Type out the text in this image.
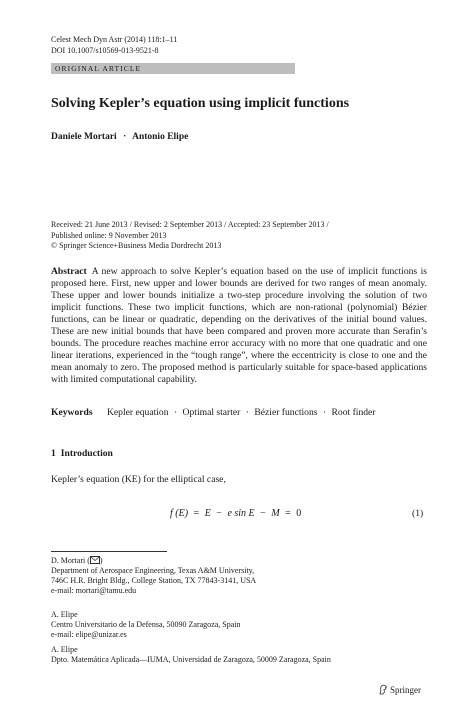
Celest Mech Dyn Astr (2014) 118:1–11
DOI 10.1007/s10569-013-9521-8
ORIGINAL ARTICLE
Solving Kepler’s equation using implicit functions
Daniele Mortari · Antonio Elipe
Received: 21 June 2013 / Revised: 2 September 2013 / Accepted: 23 September 2013 /
Published online: 9 November 2013
© Springer Science+Business Media Dordrecht 2013
Abstract A new approach to solve Kepler’s equation based on the use of implicit functions is proposed here. First, new upper and lower bounds are derived for two ranges of mean anomaly. These upper and lower bounds initialize a two-step procedure involving the solution of two implicit functions. These two implicit functions, which are non-rational (polynomial) Bézier functions, can be linear or quadratic, depending on the derivatives of the initial bound values. These are new initial bounds that have been compared and proven more accurate than Serafin’s bounds. The procedure reaches machine error accuracy with no more that one quadratic and one linear iterations, experienced in the “tough range”, where the eccentricity is close to one and the mean anomaly to zero. The proposed method is particularly suitable for space-based applications with limited computational capability.
Keywords Kepler equation · Optimal starter · Bézier functions · Root finder
1 Introduction
Kepler’s equation (KE) for the elliptical case,
f (E) = E − e sin E − M = 0	(1)
D. Mortari ( )
Department of Aerospace Engineering, Texas A&M University,
746C H.R. Bright Bldg., College Station, TX 77843-3141, USA
e-mail: mortari@tamu.edu
A. Elipe
Centro Universitario de la Defensa, 50090 Zaragoza, Spain
e-mail: elipe@unizar.es
A. Elipe
Dpto. Matemática Aplicada—IUMA, Universidad de Zaragoza, 50009 Zaragoza, Spain
Springer
